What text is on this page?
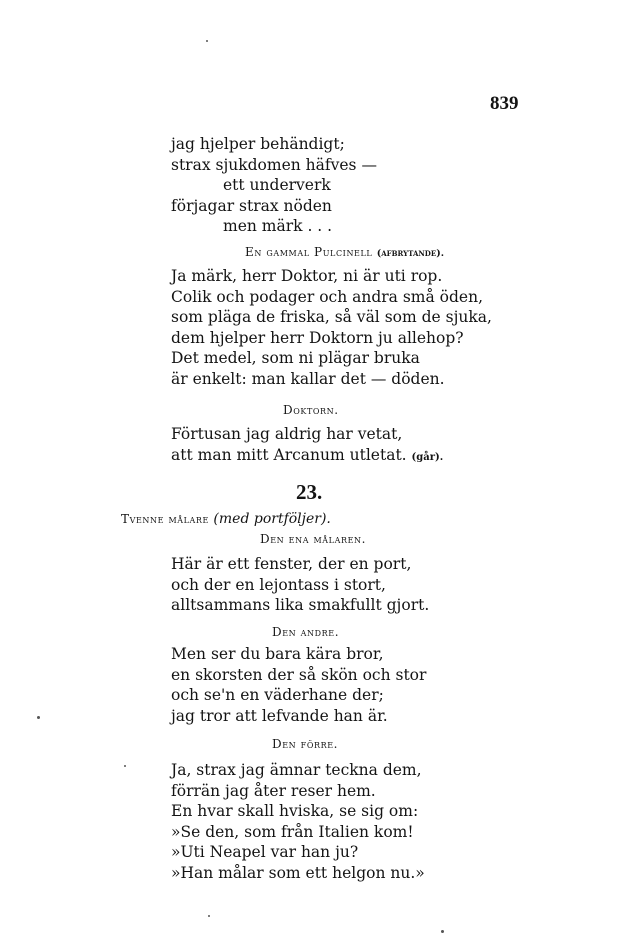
839
jag hjelper behändigt;
strax sjukdomen häfves —
ett underverk
förjagar strax nöden
men märk . . .
En gammal Pulcinell (afbrytande).
Ja märk, herr Doktor, ni är uti rop.
Colik och podager och andra små öden,
som pläga de friska, så väl som de sjuka,
dem hjelper herr Doktorn ju allehop?
Det medel, som ni plägar bruka
är enkelt: man kallar det — döden.
Doktorn.
Förtusan jag aldrig har vetat,
att man mitt Arcanum utletat. (går).
23.
Tvenne målare (med portföljer).
Den ena målaren.
Här är ett fenster, der en port,
och der en lejontass i stort,
alltsammans lika smakfullt gjort.
Den andre.
Men ser du bara kära bror,
en skorsten der så skön och stor
och se'n en väderhane der;
jag tror att lefvande han är.
Den förre.
Ja, strax jag ämnar teckna dem,
förrän jag åter reser hem.
En hvar skall hviska, se sig om:
»Se den, som från Italien kom!
»Uti Neapel var han ju?
»Han målar som ett helgon nu.»
